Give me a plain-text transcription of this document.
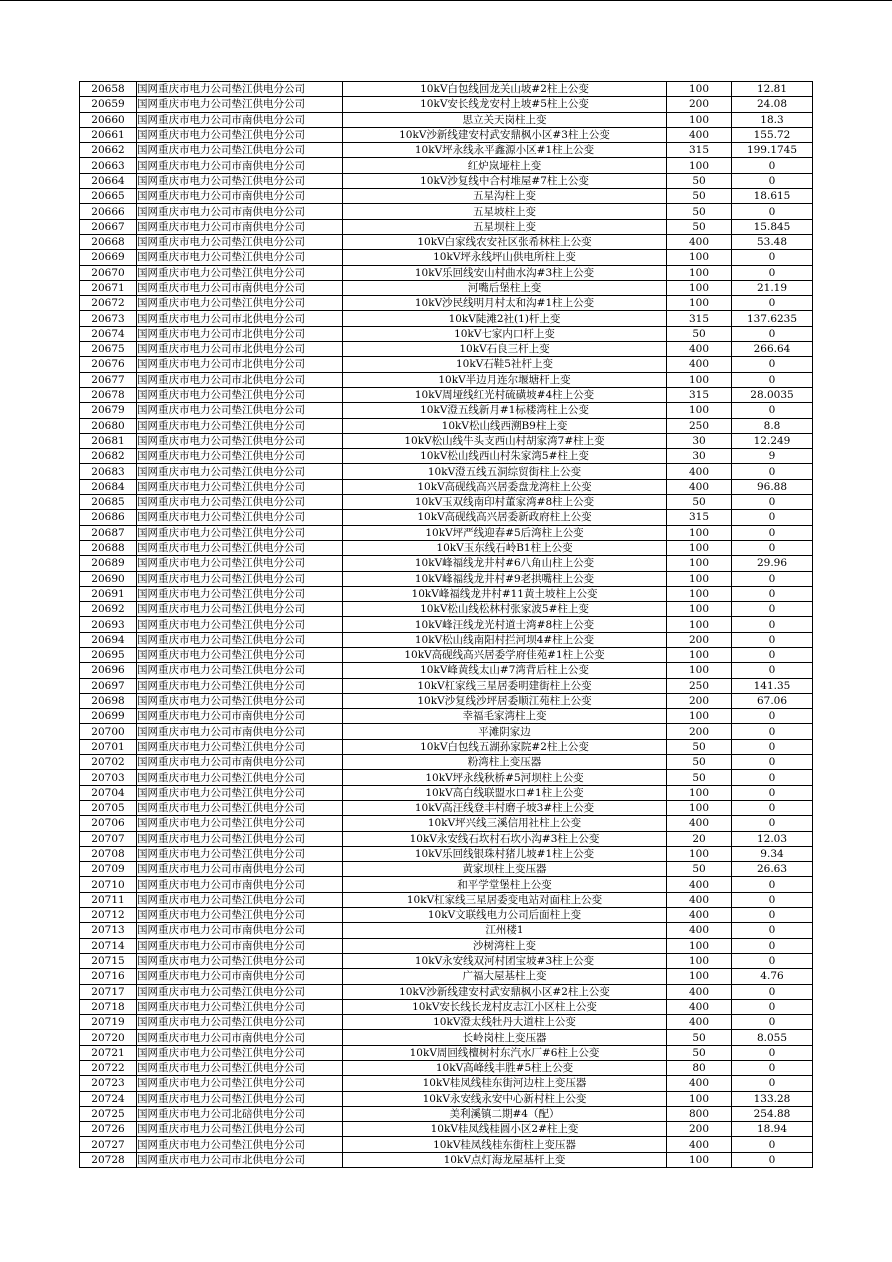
20658	国网重庆市电力公司垫江供电分公司	10kV白包线回龙关山坡#2柱上公变	100	12.81
20659	国网重庆市电力公司垫江供电分公司	10kV安长线龙安村上坡#5柱上公变	200	24.08
20660	国网重庆市电力公司市南供电分公司	思立关天岗柱上变	100	18.3
20661	国网重庆市电力公司垫江供电分公司	10kV沙新线建安村武安鼎枫小区#3柱上公变	400	155.72
20662	国网重庆市电力公司垫江供电分公司	10kV坪永线永平鑫源小区#1柱上公变	315	199.1745
20663	国网重庆市电力公司市南供电分公司	红炉岚垭柱上变	100	0
20664	国网重庆市电力公司垫江供电分公司	10kV沙复线中合村堆屋#7柱上公变	50	0
20665	国网重庆市电力公司市南供电分公司	五星沟柱上变	50	18.615
20666	国网重庆市电力公司市南供电分公司	五星坡柱上变	50	0
20667	国网重庆市电力公司市南供电分公司	五星坝柱上变	50	15.845
20668	国网重庆市电力公司垫江供电分公司	10kV白家线农安社区张希林柱上公变	400	53.48
20669	国网重庆市电力公司垫江供电分公司	10kV坪永线坪山供电所柱上变	100	0
20670	国网重庆市电力公司垫江供电分公司	10kV乐回线安山村曲水沟#3柱上公变	100	0
20671	国网重庆市电力公司市南供电分公司	河嘴后堡柱上变	100	21.19
20672	国网重庆市电力公司垫江供电分公司	10kV沙民线明月村太和沟#1柱上公变	100	0
20673	国网重庆市电力公司市北供电分公司	10kV陡滩2社(1)杆上变	315	137.6235
20674	国网重庆市电力公司市北供电分公司	10kV七家内口杆上变	50	0
20675	国网重庆市电力公司市北供电分公司	10kV石良三杆上变	400	266.64
20676	国网重庆市电力公司市北供电分公司	10kV石鞋5社杆上变	400	0
20677	国网重庆市电力公司市北供电分公司	10kV半边月连尔堰塘杆上变	100	0
20678	国网重庆市电力公司垫江供电分公司	10kV周垭线红光村硫磺坡#4柱上公变	315	28.0035
20679	国网重庆市电力公司垫江供电分公司	10kV澄五线新月#1标楼湾柱上公变	100	0
20680	国网重庆市电力公司垫江供电分公司	10kV松山线西溯B9柱上变	250	8.8
20681	国网重庆市电力公司垫江供电分公司	10kV松山线牛头支西山村胡家湾7#柱上变	30	12.249
20682	国网重庆市电力公司垫江供电分公司	10kV松山线西山村朱家湾5#柱上变	30	9
20683	国网重庆市电力公司垫江供电分公司	10kV澄五线五洞综贸街柱上公变	400	0
20684	国网重庆市电力公司垫江供电分公司	10kV高砚线高兴居委盘龙湾柱上公变	400	96.88
20685	国网重庆市电力公司垫江供电分公司	10kV玉双线南印村董家湾#8柱上公变	50	0
20686	国网重庆市电力公司垫江供电分公司	10kV高砚线高兴居委新政府柱上公变	315	0
20687	国网重庆市电力公司垫江供电分公司	10kV坪严线迎春#5后湾柱上公变	100	0
20688	国网重庆市电力公司垫江供电分公司	10kV玉东线石岭B1柱上公变	100	0
20689	国网重庆市电力公司垫江供电分公司	10kV峰福线龙井村#6八角山柱上公变	100	29.96
20690	国网重庆市电力公司垫江供电分公司	10kV峰福线龙井村#9老拱嘴柱上公变	100	0
20691	国网重庆市电力公司垫江供电分公司	10kV峰福线龙井村#11黄土坡柱上公变	100	0
20692	国网重庆市电力公司垫江供电分公司	10kV松山线松林村张家波5#柱上变	100	0
20693	国网重庆市电力公司垫江供电分公司	10kV峰汪线龙光村道士湾#8柱上公变	100	0
20694	国网重庆市电力公司垫江供电分公司	10kV松山线南阳村拦河坝4#柱上公变	200	0
20695	国网重庆市电力公司垫江供电分公司	10kV高砚线高兴居委学府佳苑#1柱上公变	100	0
20696	国网重庆市电力公司垫江供电分公司	10kV峰黄线太山#7湾背后柱上公变	100	0
20697	国网重庆市电力公司垫江供电分公司	10kV杠家线三星居委明建街柱上公变	250	141.35
20698	国网重庆市电力公司垫江供电分公司	10kV沙复线沙坪居委顺江苑柱上公变	200	67.06
20699	国网重庆市电力公司市南供电分公司	幸福毛家湾柱上变	100	0
20700	国网重庆市电力公司市南供电分公司	平滩阴家边	200	0
20701	国网重庆市电力公司垫江供电分公司	10kV白包线五湖孙家院#2柱上公变	50	0
20702	国网重庆市电力公司市南供电分公司	粉湾柱上变压器	50	0
20703	国网重庆市电力公司垫江供电分公司	10kV坪永线秋桥#5河坝柱上公变	50	0
20704	国网重庆市电力公司垫江供电分公司	10kV高白线联盟水口#1柱上公变	100	0
20705	国网重庆市电力公司垫江供电分公司	10kV高汪线登丰村磨子坡3#柱上公变	100	0
20706	国网重庆市电力公司垫江供电分公司	10kV坪兴线三溪信用社柱上公变	400	0
20707	国网重庆市电力公司垫江供电分公司	10kV永安线石坎村石坎小沟#3柱上公变	20	12.03
20708	国网重庆市电力公司垫江供电分公司	10kV乐回线银珠村猪儿坡#1柱上公变	100	9.34
20709	国网重庆市电力公司市南供电分公司	黄家坝柱上变压器	50	26.63
20710	国网重庆市电力公司市南供电分公司	和平学堂堡柱上公变	400	0
20711	国网重庆市电力公司垫江供电分公司	10kV杠家线三星居委变电站对面柱上公变	400	0
20712	国网重庆市电力公司垫江供电分公司	10kV文联线电力公司后面柱上变	400	0
20713	国网重庆市电力公司市南供电分公司	江州楼1	400	0
20714	国网重庆市电力公司市南供电分公司	沙树湾柱上变	100	0
20715	国网重庆市电力公司垫江供电分公司	10kV永安线双河村团宝坡#3柱上公变	100	0
20716	国网重庆市电力公司市南供电分公司	广福大屋基柱上变	100	4.76
20717	国网重庆市电力公司垫江供电分公司	10kV沙新线建安村武安鼎枫小区#2柱上公变	400	0
20718	国网重庆市电力公司垫江供电分公司	10kV安长线长龙村皮志江小区柱上公变	400	0
20719	国网重庆市电力公司垫江供电分公司	10kV澄太线牡丹大道柱上公变	400	0
20720	国网重庆市电力公司市南供电分公司	长岭岗柱上变压器	50	8.055
20721	国网重庆市电力公司垫江供电分公司	10kV周回线檀树村东汽水厂#6柱上公变	50	0
20722	国网重庆市电力公司垫江供电分公司	10kV高峰线丰胜#5柱上公变	80	0
20723	国网重庆市电力公司垫江供电分公司	10kV桂凤线桂东街河边柱上变压器	400	0
20724	国网重庆市电力公司垫江供电分公司	10kV永安线永安中心新村柱上公变	100	133.28
20725	国网重庆市电力公司北碚供电分公司	美利溪镇二期#4（配）	800	254.88
20726	国网重庆市电力公司垫江供电分公司	10kV桂凤线桂圆小区2#柱上变	200	18.94
20727	国网重庆市电力公司垫江供电分公司	10kV桂凤线桂东街柱上变压器	400	0
20728	国网重庆市电力公司市北供电分公司	10kV点灯海龙屋基杆上变	100	0
